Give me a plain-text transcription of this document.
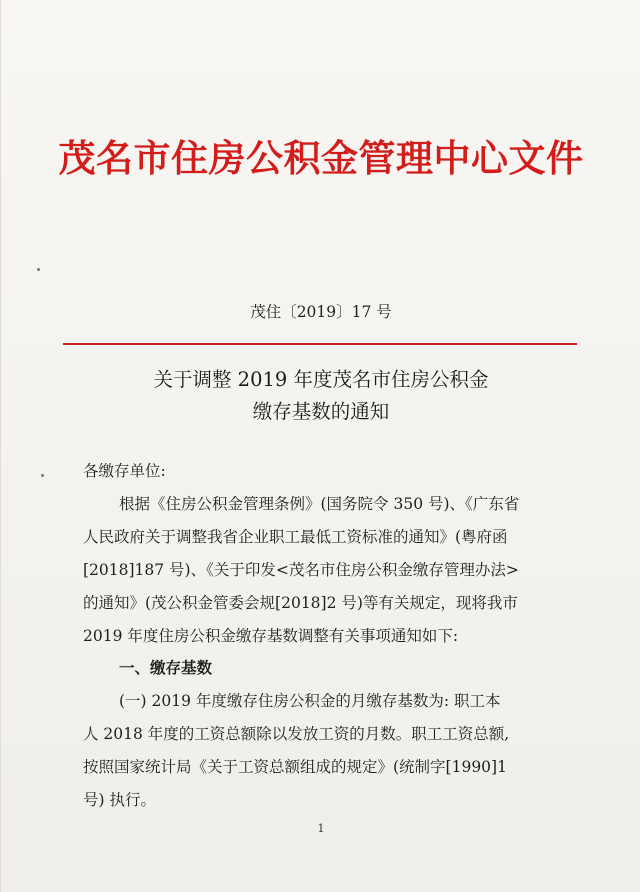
茂名市住房公积金管理中心文件

茂住〔2019〕17 号

关于调整 2019 年度茂名市住房公积金

缴存基数的通知

各缴存单位:

根据《住房公积金管理条例》(国务院令 350 号)、《广东省

人民政府关于调整我省企业职工最低工资标准的通知》(粤府函

[2018]187 号)、《关于印发<茂名市住房公积金缴存管理办法>

的通知》(茂公积金管委会规[2018]2 号)等有关规定，现将我市

2019 年度住房公积金缴存基数调整有关事项通知如下:

一、缴存基数

(一) 2019 年度缴存住房公积金的月缴存基数为: 职工本

人 2018 年度的工资总额除以发放工资的月数。职工工资总额,

按照国家统计局《关于工资总额组成的规定》(统制字[1990]1

号) 执行。

1
